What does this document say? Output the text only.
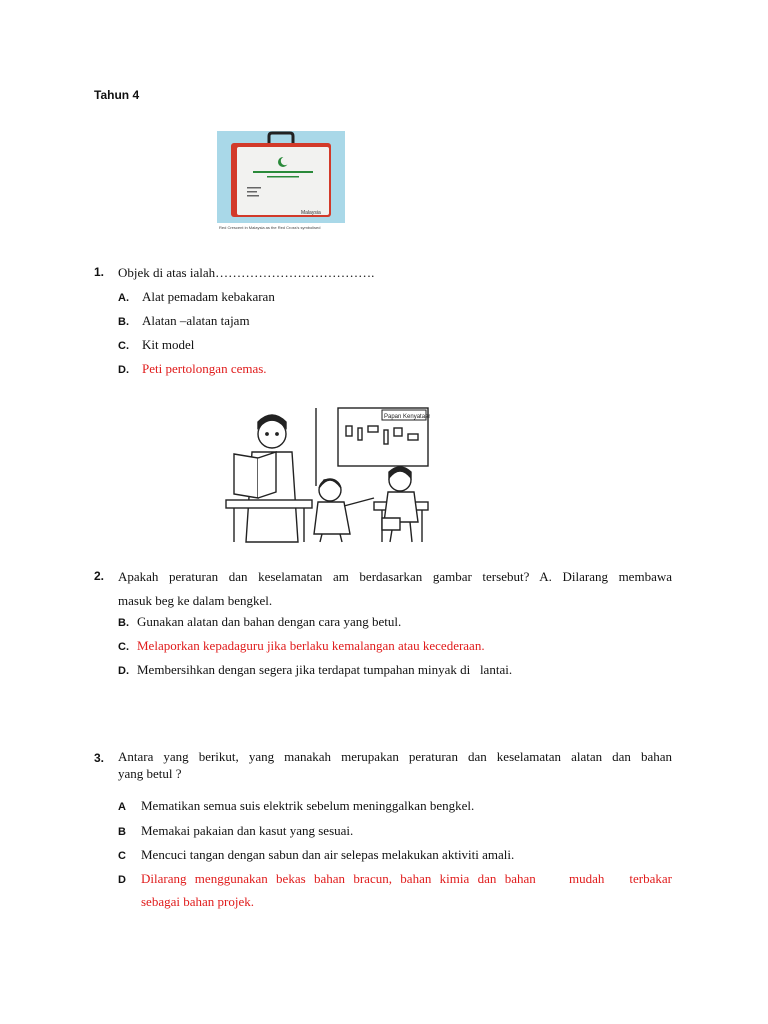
Tahun 4
Malaysia
Red Crescent in Malaysia as the Red Cross's symbolised
1. Objek di atas ialah……………………………….
A. Alat pemadam kebakaran
B. Alatan –alatan tajam
C. Kit model
D. Peti pertolongan cemas.
Papan Kenyataan
2. Apakah peraturan dan keselamatan am berdasarkan gambar tersebut? A. Dilarang membawa
masuk beg ke dalam bengkel.
B. Gunakan alatan dan bahan dengan cara yang betul.
C. Melaporkan kepadaguru jika berlaku kemalangan atau kecederaan.
D. Membersihkan dengan segera jika terdapat tumpahan minyak di   lantai.
3. Antara yang berikut, yang manakah merupakan peraturan dan keselamatan alatan dan bahan
yang betul ?
A Mematikan semua suis elektrik sebelum meninggalkan bengkel.
B Memakai pakaian dan kasut yang sesuai.
C Mencuci tangan dengan sabun dan air selepas melakukan aktiviti amali.
D	Dilarang menggunakan bekas bahan bracun, bahan kimia dan bahan    mudah   terbakar
sebagai bahan projek.
